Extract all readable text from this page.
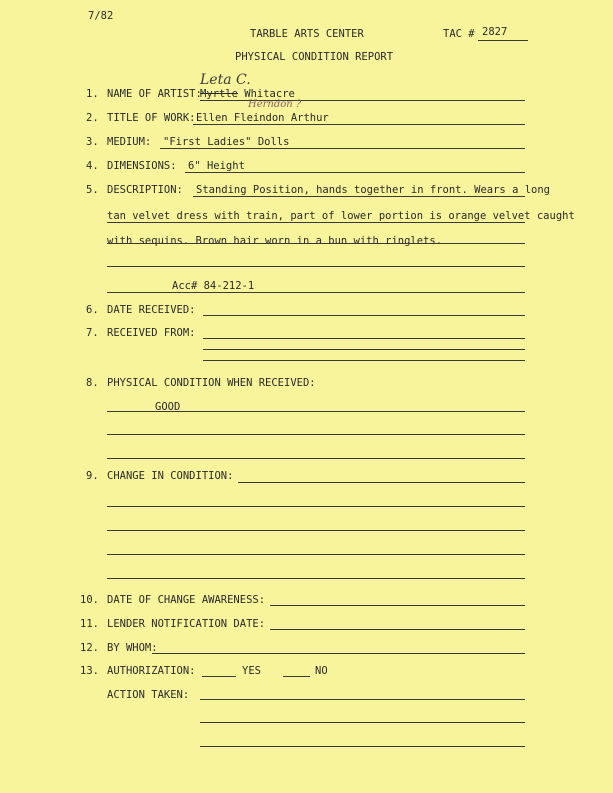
7/82
TARBLE ARTS CENTER	TAC # 2827
PHYSICAL CONDITION REPORT
Leta C.
1. NAME OF ARTIST:
Myrtle Whitacre
Herndon ?
2. TITLE OF WORK: Ellen Fleindon Arthur
3. MEDIUM: "First Ladies" Dolls
4. DIMENSIONS: 6" Height
5. DESCRIPTION: Standing Position, hands together in front. Wears a long
tan velvet dress with train, part of lower portion is orange velvet caught
with sequins. Brown hair worn in a bun with ringlets.
Acc# 84-212-1
6. DATE RECEIVED:
7. RECEIVED FROM:
8. PHYSICAL CONDITION WHEN RECEIVED:
GOOD
9. CHANGE IN CONDITION:
10. DATE OF CHANGE AWARENESS:
11. LENDER NOTIFICATION DATE:
12. BY WHOM:
13. AUTHORIZATION:	YES	NO
ACTION TAKEN:
